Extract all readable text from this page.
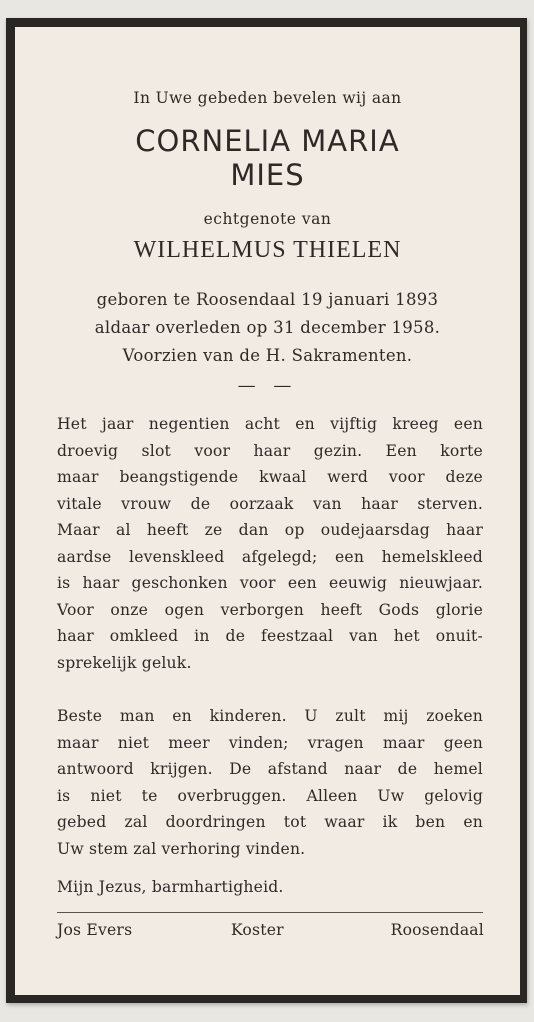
In Uwe gebeden bevelen wij aan
CORNELIA MARIA
MIES
echtgenote van
WILHELMUS THIELEN
geboren te Roosendaal 19 januari 1893
aldaar overleden op 31 december 1958.
Voorzien van de H. Sakramenten.
— —
Het jaar negentien acht en vijftig kreeg een
droevig slot voor haar gezin. Een korte
maar beangstigende kwaal werd voor deze
vitale vrouw de oorzaak van haar sterven.
Maar al heeft ze dan op oudejaarsdag haar
aardse levenskleed afgelegd; een hemelskleed
is haar geschonken voor een eeuwig nieuwjaar.
Voor onze ogen verborgen heeft Gods glorie
haar omkleed in de feestzaal van het onuit-
sprekelijk geluk.
Beste man en kinderen. U zult mij zoeken
maar niet meer vinden; vragen maar geen
antwoord krijgen. De afstand naar de hemel
is niet te overbruggen. Alleen Uw gelovig
gebed zal doordringen tot waar ik ben en
Uw stem zal verhoring vinden.
Mijn Jezus, barmhartigheid.
Jos Evers	Koster	Roosendaal
